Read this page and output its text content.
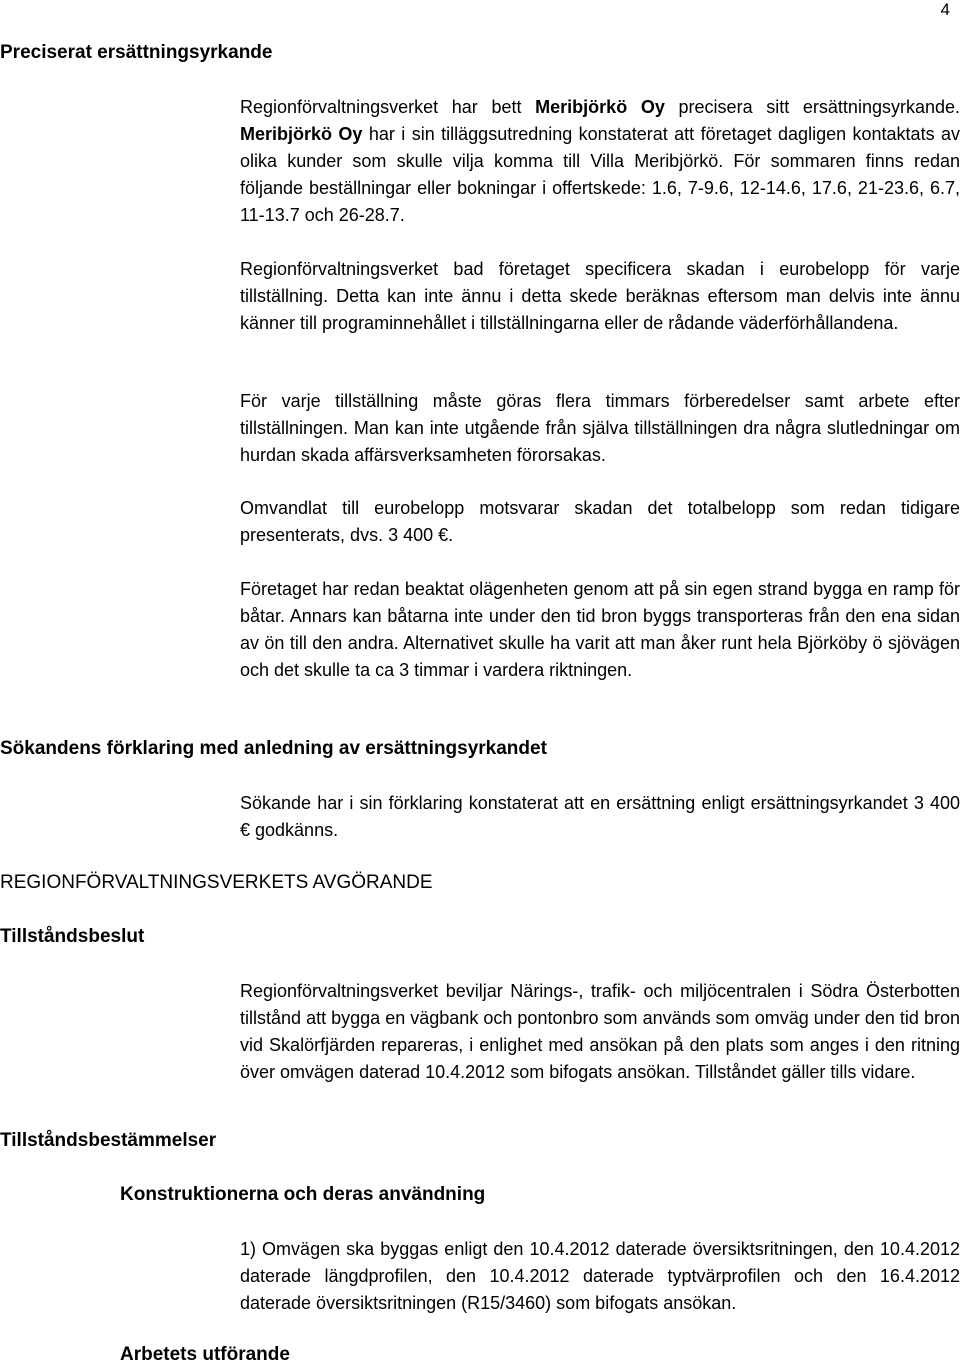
4
Preciserat ersättningsyrkande

Regionförvaltningsverket har bett Meribjörkö Oy precisera sitt ersättningsyrkande. Meribjörkö Oy har i sin tilläggsutredning konstaterat att företaget dagligen kontaktats av olika kunder som skulle vilja komma till Villa Meribjörkö. För sommaren finns redan följande beställningar eller bokningar i offertskede: 1.6, 7-9.6, 12-14.6, 17.6, 21-23.6, 6.7, 11-13.7 och 26-28.7.

Regionförvaltningsverket bad företaget specificera skadan i eurobelopp för varje tillställning. Detta kan inte ännu i detta skede beräknas eftersom man delvis inte ännu känner till programinnehållet i tillställningarna eller de rådande väderförhållandena.

För varje tillställning måste göras flera timmars förberedelser samt arbete efter tillställningen. Man kan inte utgående från själva tillställningen dra några slutledningar om hurdan skada affärsverksamheten förorsakas.

Omvandlat till eurobelopp motsvarar skadan det totalbelopp som redan tidigare presenterats, dvs. 3 400 €.

Företaget har redan beaktat olägenheten genom att på sin egen strand bygga en ramp för båtar. Annars kan båtarna inte under den tid bron byggs transporteras från den ena sidan av ön till den andra. Alternativet skulle ha varit att man åker runt hela Björköby ö sjövägen och det skulle ta ca 3 timmar i vardera riktningen.

Sökandens förklaring med anledning av ersättningsyrkandet

Sökande har i sin förklaring konstaterat att en ersättning enligt ersättningsyrkandet 3 400 € godkänns.

REGIONFÖRVALTNINGSVERKETS AVGÖRANDE
Tillståndsbeslut

Regionförvaltningsverket beviljar Närings-, trafik- och miljöcentralen i Södra Österbotten tillstånd att bygga en vägbank och pontonbro som används som omväg under den tid bron vid Skalörfjärden repareras, i enlighet med ansökan på den plats som anges i den ritning över omvägen daterad 10.4.2012 som bifogats ansökan. Tillståndet gäller tills vidare.

Tillståndsbestämmelser
Konstruktionerna och deras användning

1) Omvägen ska byggas enligt den 10.4.2012 daterade översiktsritningen, den 10.4.2012 daterade längdprofilen, den 10.4.2012 daterade typtvärprofilen och den 16.4.2012 daterade översiktsritningen (R15/3460) som bifogats ansökan.

Arbetets utförande
